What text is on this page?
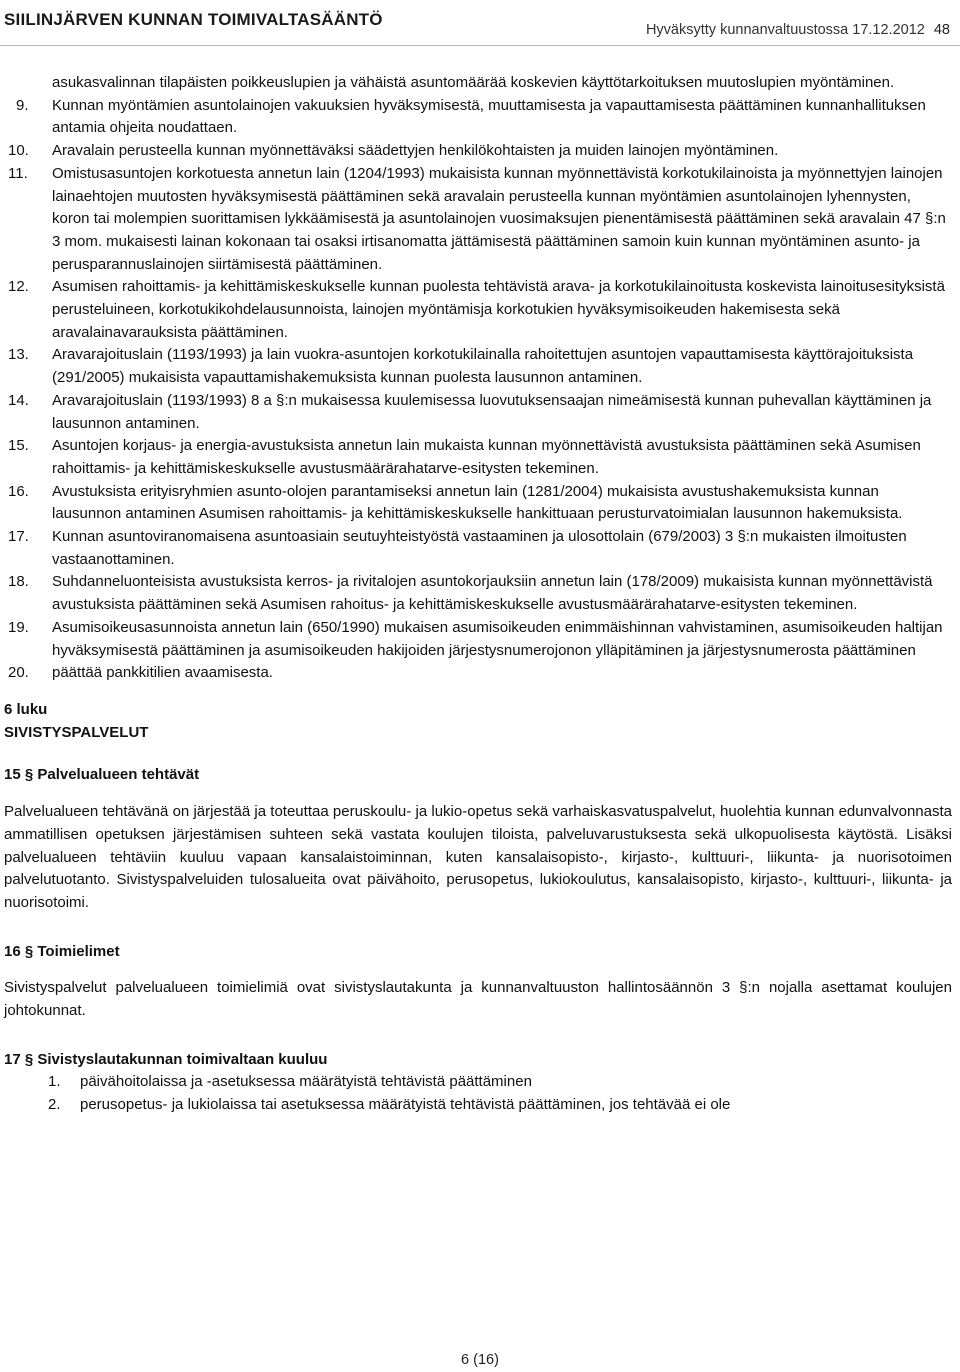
SIILINJÄRVEN KUNNAN TOIMIVALTASÄÄNTÖ
Hyväksytty kunnanvaltuustossa 17.12.2012 48

asukasvalinnan tilapäisten poikkeuslupien ja vähäistä asuntomäärää koskevien käyttötarkoituksen muutoslupien myöntäminen.

9. Kunnan myöntämien asuntolainojen vakuuksien hyväksymisestä, muuttamisesta ja vapauttamisesta päättäminen kunnanhallituksen antamia ohjeita noudattaen.
10. Aravalain perusteella kunnan myönnettäväksi säädettyjen henkilökohtaisten ja muiden lainojen myöntäminen.
11. Omistusasuntojen korkotuesta annetun lain (1204/1993) mukaisista kunnan myönnettävistä korkotukilainoista ja myönnettyjen lainojen lainaehtojen muutosten hyväksymisestä päättäminen sekä aravalain perusteella kunnan myöntämien asuntolainojen lyhennysten, koron tai molempien suorittamisen lykkäämisestä ja asuntolainojen vuosimaksujen pienentämisestä päättäminen sekä aravalain 47 §:n 3 mom. mukaisesti lainan kokonaan tai osaksi irtisanomatta jättämisestä päättäminen samoin kuin kunnan myöntäminen asunto- ja perusparannuslainojen siirtämisestä päättäminen.
12. Asumisen rahoittamis- ja kehittämiskeskukselle kunnan puolesta tehtävistä arava- ja korkotukilainoitusta koskevista lainoitusesityksistä perusteluineen, korkotukikohdelausunnoista, lainojen myöntämisja korkotukien hyväksymisoikeuden hakemisesta sekä aravalainavarauksista päättäminen.
13. Aravarajoituslain (1193/1993) ja lain vuokra-asuntojen korkotukilainalla rahoitettujen asuntojen vapauttamisesta käyttörajoituksista (291/2005) mukaisista vapauttamishakemuksista kunnan puolesta lausunnon antaminen.
14. Aravarajoituslain (1193/1993) 8 a §:n mukaisessa kuulemisessa luovutuksensaajan nimeämisestä kunnan puhevallan käyttäminen ja lausunnon antaminen.
15. Asuntojen korjaus- ja energia-avustuksista annetun lain mukaista kunnan myönnettävistä avustuksista päättäminen sekä Asumisen rahoittamis- ja kehittämiskeskukselle avustusmäärärahatarve-esitysten tekeminen.
16. Avustuksista erityisryhmien asunto-olojen parantamiseksi annetun lain (1281/2004) mukaisista avustushakemuksista kunnan lausunnon antaminen Asumisen rahoittamis- ja kehittämiskeskukselle hankittuaan perusturvatoimialan lausunnon hakemuksista.
17. Kunnan asuntoviranomaisena asuntoasiain seutuyhteistyöstä vastaaminen ja ulosottolain (679/2003) 3 §:n mukaisten ilmoitusten vastaanottaminen.
18. Suhdanneluonteisista avustuksista kerros- ja rivitalojen asuntokorjauksiin annetun lain (178/2009) mukaisista kunnan myönnettävistä avustuksista päättäminen sekä Asumisen rahoitus- ja kehittämiskeskukselle avustusmäärärahatarve-esitysten tekeminen.
19. Asumisoikeusasunnoista annetun lain (650/1990) mukaisen asumisoikeuden enimmäishinnan vahvistaminen, asumisoikeuden haltijan hyväksymisestä päättäminen ja asumisoikeuden hakijoiden järjestysnumerojonon ylläpitäminen ja järjestysnumerosta päättäminen
20. päättää pankkitilien avaamisesta.

6 luku

SIVISTYSPALVELUT

15 § Palvelualueen tehtävät

Palvelualueen tehtävänä on järjestää ja toteuttaa peruskoulu- ja lukio-opetus sekä varhaiskasvatuspalvelut, huolehtia kunnan edunvalvonnasta ammatillisen opetuksen järjestämisen suhteen sekä vastata koulujen tiloista, palveluvarustuksesta sekä ulkopuolisesta käytöstä. Lisäksi palvelualueen tehtäviin kuuluu vapaan kansalaistoiminnan, kuten kansalaisopisto-, kirjasto-, kulttuuri-, liikunta- ja nuorisotoimen palvelutuotanto. Sivistyspalveluiden tulosalueita ovat päivähoito, perusopetus, lukiokoulutus, kansalaisopisto, kirjasto-, kulttuuri-, liikunta- ja nuorisotoimi.

16 § Toimielimet

Sivistyspalvelut palvelualueen toimielimiä ovat sivistyslautakunta ja kunnanvaltuuston hallintosäännön 3 §:n nojalla asettamat koulujen johtokunnat.

17 § Sivistyslautakunnan toimivaltaan kuuluu

1. päivähoitolaissa ja -asetuksessa määrätyistä tehtävistä päättäminen
2. perusopetus- ja lukiolaissa tai asetuksessa määrätyistä tehtävistä päättäminen, jos tehtävää ei ole
6 (16)
